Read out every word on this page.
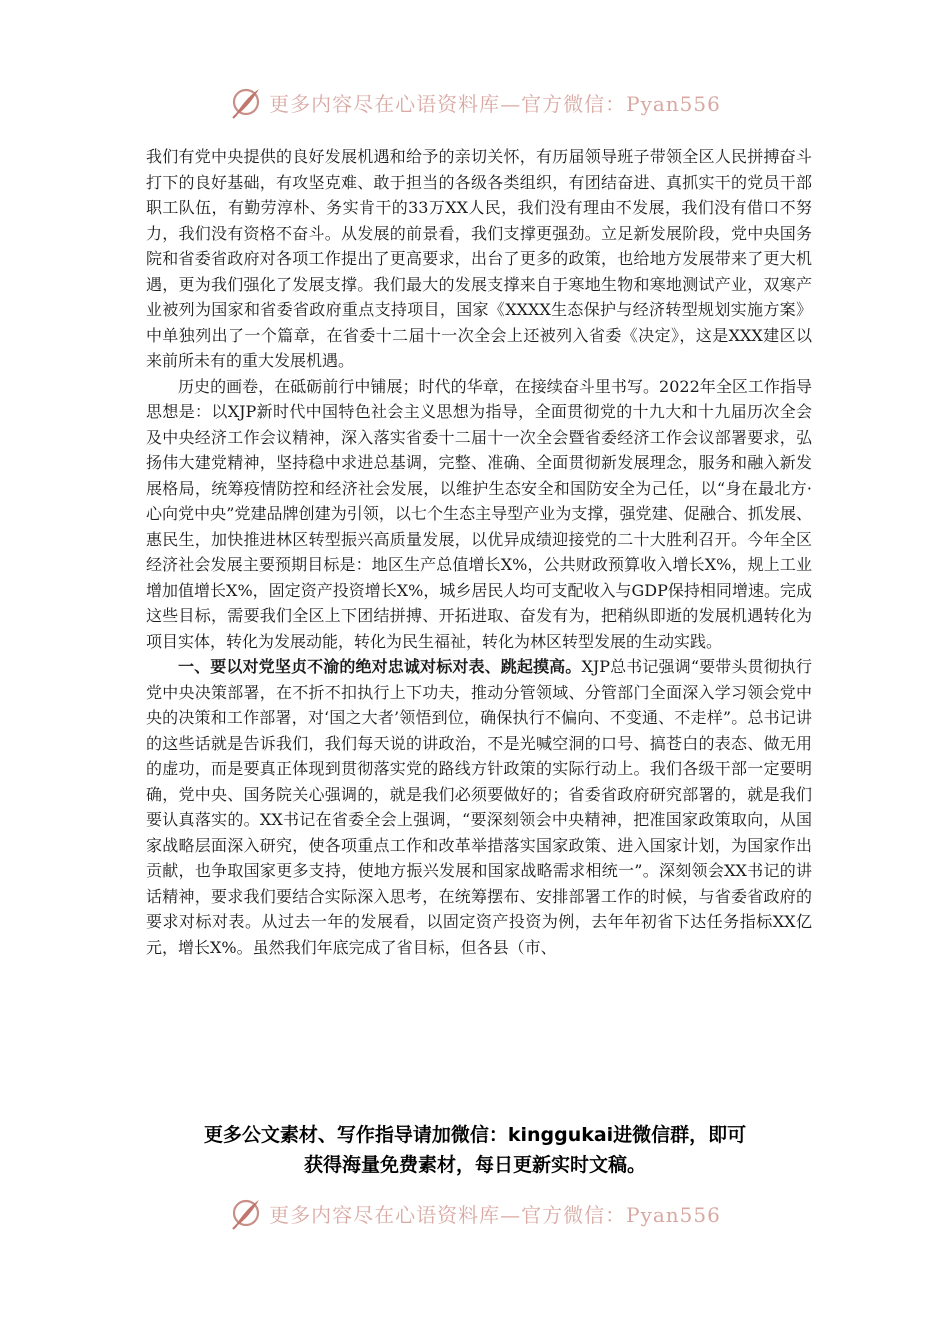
更多内容尽在心语资料库—官方微信：Pyan556

我们有党中央提供的良好发展机遇和给予的亲切关怀，有历届领导班子带领全区人民拼搏奋斗打下的良好基础，有攻坚克难、敢于担当的各级各类组织，有团结奋进、真抓实干的党员干部职工队伍，有勤劳淳朴、务实肯干的33万XX人民，我们没有理由不发展，我们没有借口不努力，我们没有资格不奋斗。从发展的前景看，我们支撑更强劲。立足新发展阶段，党中央国务院和省委省政府对各项工作提出了更高要求，出台了更多的政策，也给地方发展带来了更大机遇，更为我们强化了发展支撑。我们最大的发展支撑来自于寒地生物和寒地测试产业，双寒产业被列为国家和省委省政府重点支持项目，国家《XXXX生态保护与经济转型规划实施方案》中单独列出了一个篇章，在省委十二届十一次全会上还被列入省委《决定》，这是XXX建区以来前所未有的重大发展机遇。

历史的画卷，在砥砺前行中铺展；时代的华章，在接续奋斗里书写。2022年全区工作指导思想是：以XJP新时代中国特色社会主义思想为指导，全面贯彻党的十九大和十九届历次全会及中央经济工作会议精神，深入落实省委十二届十一次全会暨省委经济工作会议部署要求，弘扬伟大建党精神，坚持稳中求进总基调，完整、准确、全面贯彻新发展理念，服务和融入新发展格局，统筹疫情防控和经济社会发展，以维护生态安全和国防安全为己任，以“身在最北方·心向党中央”党建品牌创建为引领，以七个生态主导型产业为支撑，强党建、促融合、抓发展、惠民生，加快推进林区转型振兴高质量发展，以优异成绩迎接党的二十大胜利召开。今年全区经济社会发展主要预期目标是：地区生产总值增长X%，公共财政预算收入增长X%，规上工业增加值增长X%，固定资产投资增长X%，城乡居民人均可支配收入与GDP保持相同增速。完成这些目标，需要我们全区上下团结拼搏、开拓进取、奋发有为，把稍纵即逝的发展机遇转化为项目实体，转化为发展动能，转化为民生福祉，转化为林区转型发展的生动实践。

一、要以对党坚贞不渝的绝对忠诚对标对表、跳起摸高。XJP总书记强调“要带头贯彻执行党中央决策部署，在不折不扣执行上下功夫，推动分管领域、分管部门全面深入学习领会党中央的决策和工作部署，对‘国之大者’领悟到位，确保执行不偏向、不变通、不走样”。总书记讲的这些话就是告诉我们，我们每天说的讲政治，不是光喊空洞的口号、搞苍白的表态、做无用的虚功，而是要真正体现到贯彻落实党的路线方针政策的实际行动上。我们各级干部一定要明确，党中央、国务院关心强调的，就是我们必须要做好的；省委省政府研究部署的，就是我们要认真落实的。XX书记在省委全会上强调，“要深刻领会中央精神，把准国家政策取向，从国家战略层面深入研究，使各项重点工作和改革举措落实国家政策、进入国家计划，为国家作出贡献，也争取国家更多支持，使地方振兴发展和国家战略需求相统一”。深刻领会XX书记的讲话精神，要求我们要结合实际深入思考，在统筹摆布、安排部署工作的时候，与省委省政府的要求对标对表。从过去一年的发展看，以固定资产投资为例，去年年初省下达任务指标XX亿元，增长X%。虽然我们年底完成了省目标，但各县（市、

更多公文素材、写作指导请加微信：kinggukai进微信群，即可
获得海量免费素材，每日更新实时文稿。
更多内容尽在心语资料库—官方微信：Pyan556
